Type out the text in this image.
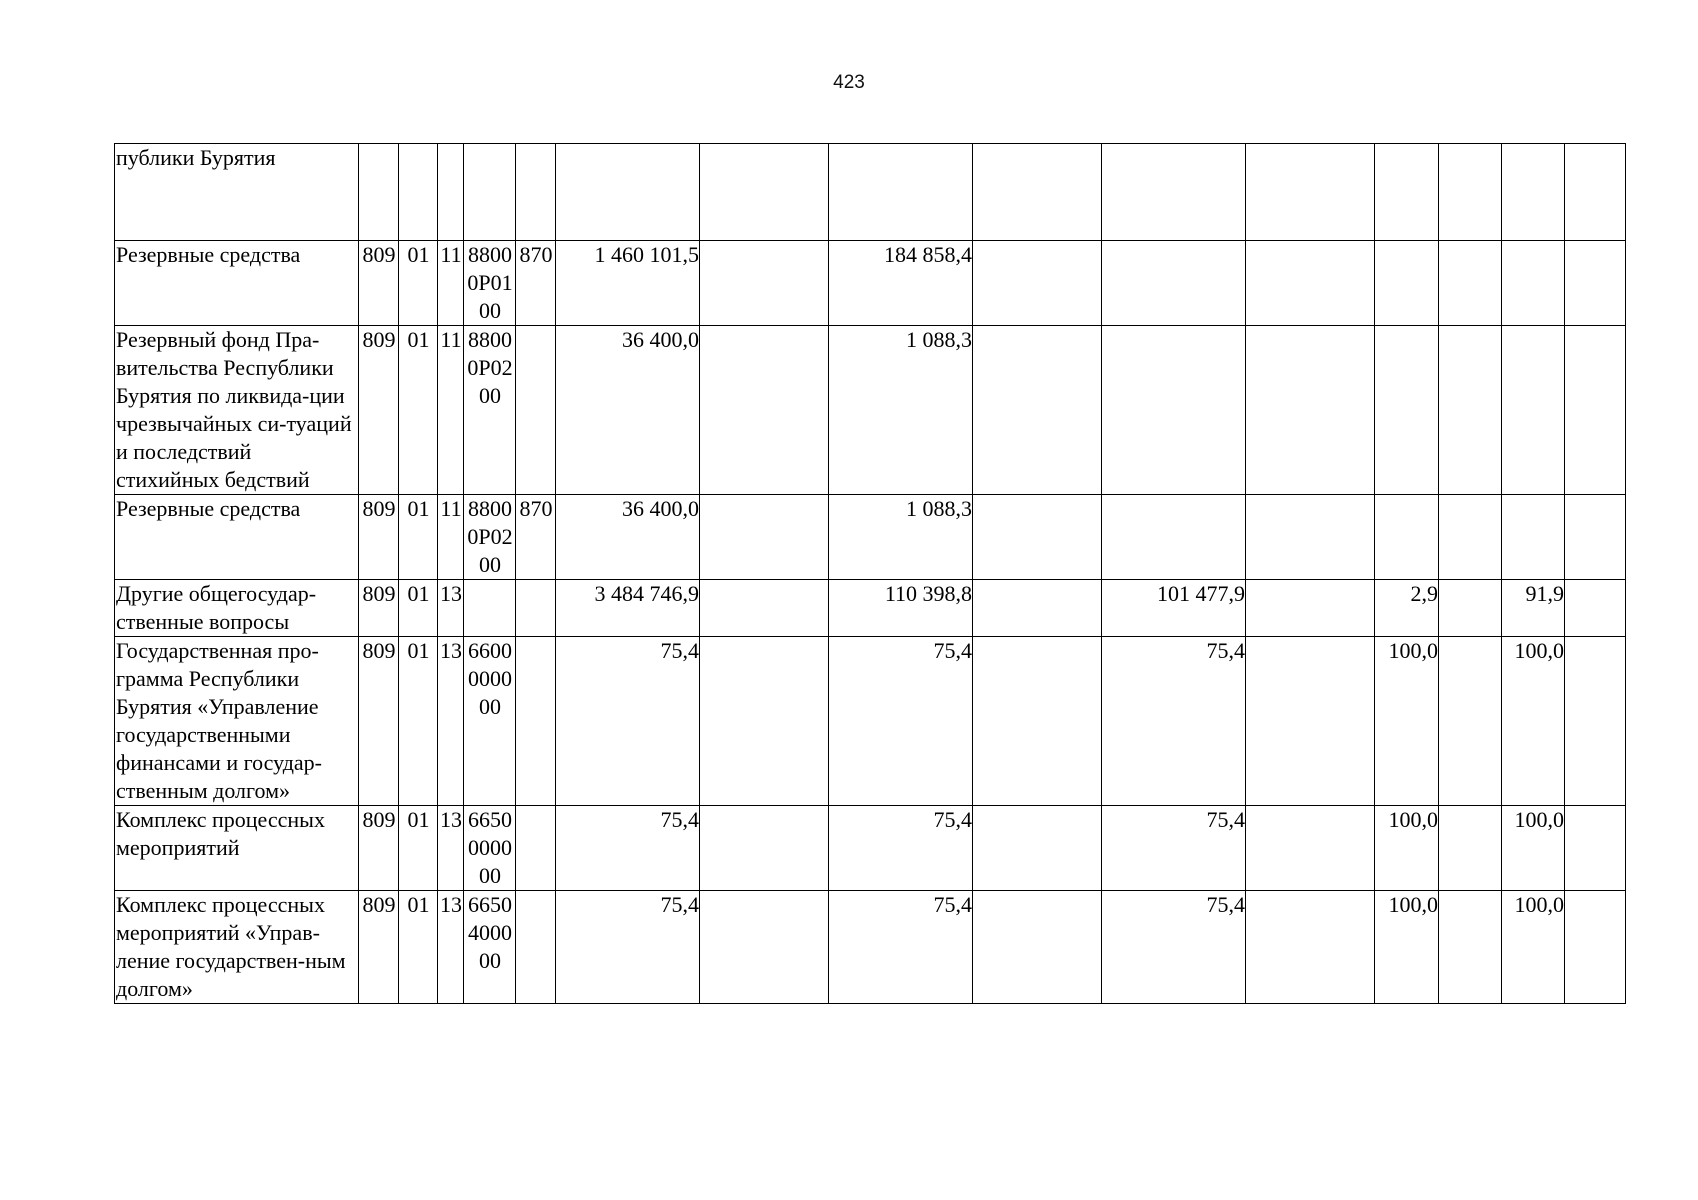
423
публики Бурятия															
Резервные средства	809	01	11	8800 0Р01 00	870	1 460 101,5		184 858,4							
Резервный фонд Пра-вительства Республики Бурятия по ликвида-ции чрезвычайных си-туаций и последствий стихийных бедствий	809	01	11	8800 0Р02 00		36 400,0		1 088,3							
Резервные средства	809	01	11	8800 0Р02 00	870	36 400,0		1 088,3							
Другие общегосудар-ственные вопросы	809	01	13			3 484 746,9		110 398,8		101 477,9		2,9		91,9	
Государственная про-грамма Республики Бурятия «Управление государственными финансами и государ-ственным долгом»	809	01	13	6600 0000 00		75,4		75,4		75,4		100,0		100,0	
Комплекс процессных мероприятий	809	01	13	6650 0000 00		75,4		75,4		75,4		100,0		100,0	
Комплекс процессных мероприятий «Управ-ление государствен-ным долгом»	809	01	13	6650 4000 00		75,4		75,4		75,4		100,0		100,0	
